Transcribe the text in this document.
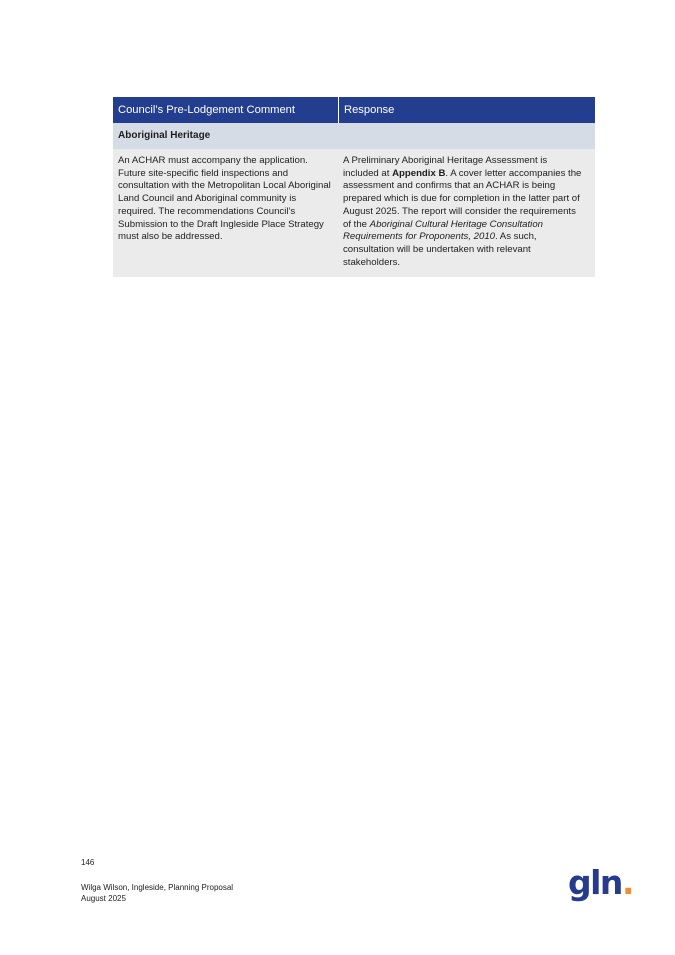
Council’s Pre-Lodgement Comment	Response
Aboriginal Heritage
An ACHAR must accompany the application. Future site-specific field inspections and consultation with the Metropolitan Local Aboriginal Land Council and Aboriginal community is required. The recommendations Council’s Submission to the Draft Ingleside Place Strategy must also be addressed.
A Preliminary Aboriginal Heritage Assessment is included at Appendix B. A cover letter accompanies the assessment and confirms that an ACHAR is being prepared which is due for completion in the latter part of August 2025. The report will consider the requirements of the Aboriginal Cultural Heritage Consultation Requirements for Proponents, 2010. As such, consultation will be undertaken with relevant stakeholders.
146
Wilga Wilson, Ingleside, Planning Proposal
August 2025	gln.
